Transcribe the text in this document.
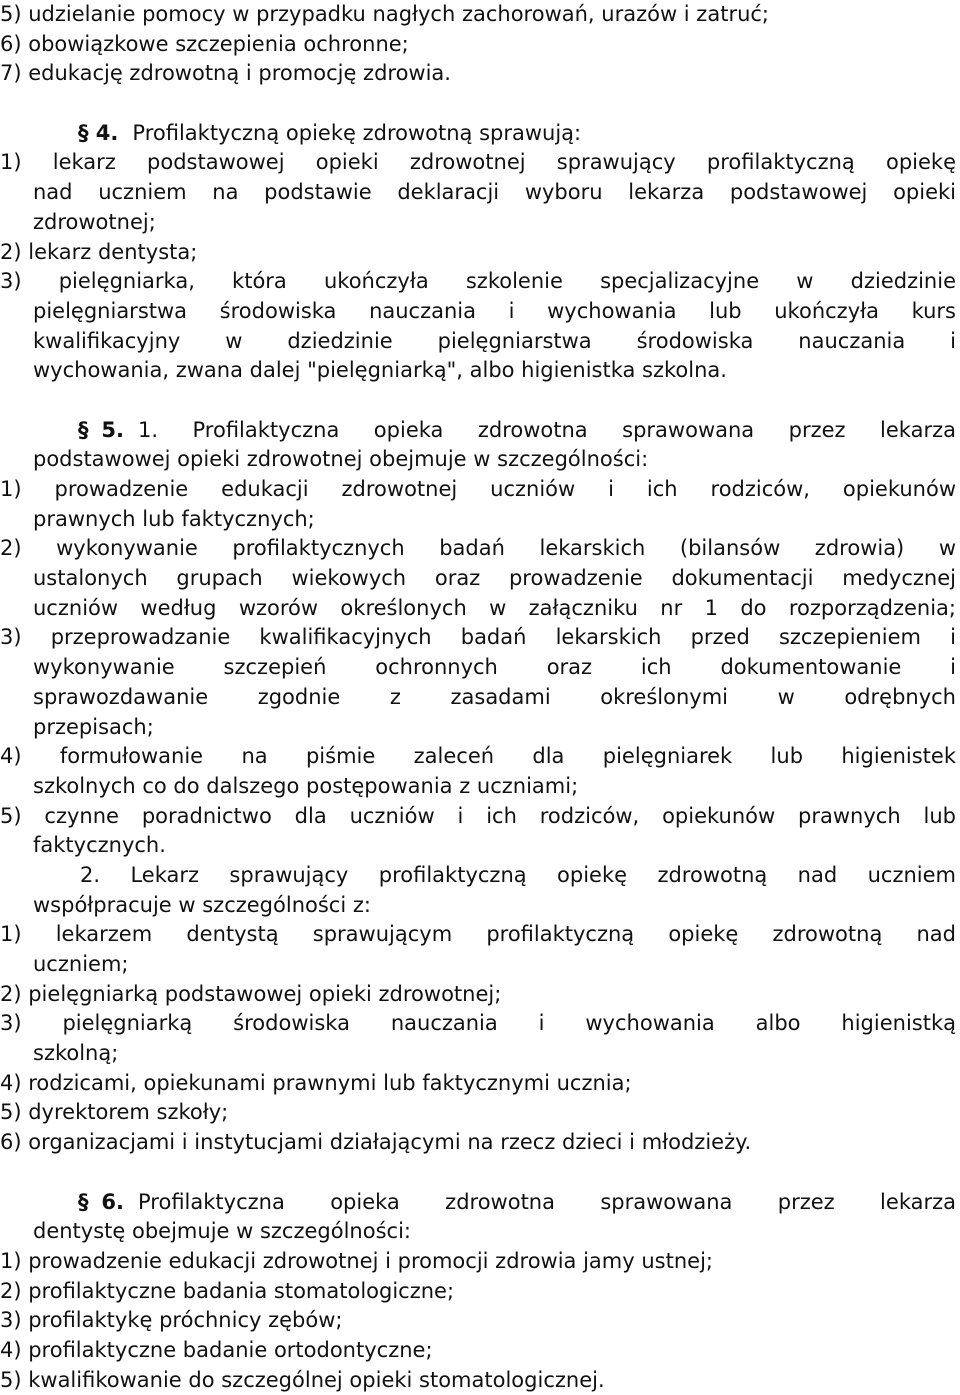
5) udzielanie pomocy w przypadku nagłych zachorowań, urazów i zatruć;
6) obowiązkowe szczepienia ochronne;
7) edukację zdrowotną i promocję zdrowia.
§ 4. Profilaktyczną opiekę zdrowotną sprawują:
1) lekarz podstawowej opieki zdrowotnej sprawujący profilaktyczną opiekę
nad uczniem na podstawie deklaracji wyboru lekarza podstawowej opieki
zdrowotnej;
2) lekarz dentysta;
3) pielęgniarka, która ukończyła szkolenie specjalizacyjne w dziedzinie
pielęgniarstwa środowiska nauczania i wychowania lub ukończyła kurs
kwalifikacyjny w dziedzinie pielęgniarstwa środowiska nauczania i
wychowania, zwana dalej "pielęgniarką", albo higienistka szkolna.
§ 5. 1. Profilaktyczna opieka zdrowotna sprawowana przez lekarza
podstawowej opieki zdrowotnej obejmuje w szczególności:
1) prowadzenie edukacji zdrowotnej uczniów i ich rodziców, opiekunów
prawnych lub faktycznych;
2) wykonywanie profilaktycznych badań lekarskich (bilansów zdrowia) w
ustalonych grupach wiekowych oraz prowadzenie dokumentacji medycznej
uczniów według wzorów określonych w załączniku nr 1 do rozporządzenia;
3) przeprowadzanie kwalifikacyjnych badań lekarskich przed szczepieniem i
wykonywanie szczepień ochronnych oraz ich dokumentowanie i
sprawozdawanie zgodnie z zasadami określonymi w odrębnych
przepisach;
4) formułowanie na piśmie zaleceń dla pielęgniarek lub higienistek
szkolnych co do dalszego postępowania z uczniami;
5) czynne poradnictwo dla uczniów i ich rodziców, opiekunów prawnych lub
faktycznych.
2. Lekarz sprawujący profilaktyczną opiekę zdrowotną nad uczniem
współpracuje w szczególności z:
1) lekarzem dentystą sprawującym profilaktyczną opiekę zdrowotną nad
uczniem;
2) pielęgniarką podstawowej opieki zdrowotnej;
3) pielęgniarką środowiska nauczania i wychowania albo higienistką
szkolną;
4) rodzicami, opiekunami prawnymi lub faktycznymi ucznia;
5) dyrektorem szkoły;
6) organizacjami i instytucjami działającymi na rzecz dzieci i młodzieży.
§ 6. Profilaktyczna opieka zdrowotna sprawowana przez lekarza
dentystę obejmuje w szczególności:
1) prowadzenie edukacji zdrowotnej i promocji zdrowia jamy ustnej;
2) profilaktyczne badania stomatologiczne;
3) profilaktykę próchnicy zębów;
4) profilaktyczne badanie ortodontyczne;
5) kwalifikowanie do szczególnej opieki stomatologicznej.
